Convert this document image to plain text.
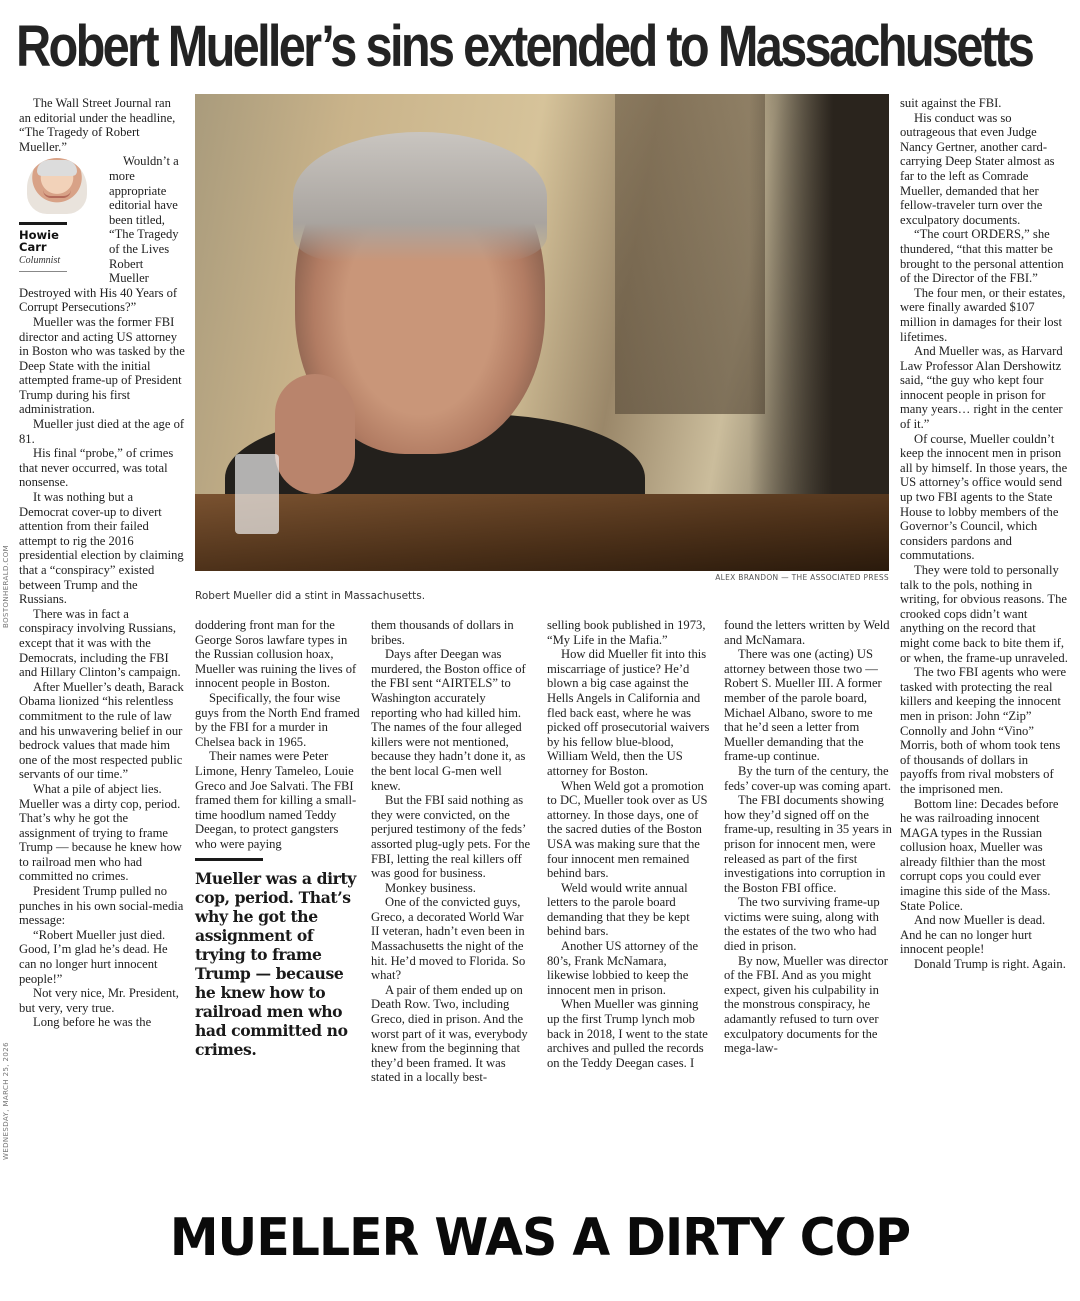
Robert Mueller’s sins extended to Massachusetts
BOSTONHERALD.COM
WEDNESDAY, MARCH 25, 2026

The Wall Street Journal ran an editorial under the headline, “The Tragedy of Robert Mueller.”

Howie
Carr
Columnist

Wouldn’t a more appropriate editorial have been titled, “The Tragedy of the Lives Robert Mueller Destroyed with His 40 Years of Corrupt Persecutions?”

Mueller was the former FBI director and acting US attorney in Boston who was tasked by the Deep State with the initial attempted frame-up of President Trump during his first administration.

Mueller just died at the age of 81.

His final “probe,” of crimes that never occurred, was total nonsense.

It was nothing but a Democrat cover-up to divert attention from their failed attempt to rig the 2016 presidential election by claiming that a “conspiracy” existed between Trump and the Russians.

There was in fact a conspiracy involving Russians, except that it was with the Democrats, including the FBI and Hillary Clinton’s campaign.

After Mueller’s death, Barack Obama lionized “his relentless commitment to the rule of law and his unwavering belief in our bedrock values that made him one of the most respected public servants of our time.”

What a pile of abject lies. Mueller was a dirty cop, period. That’s why he got the assignment of trying to frame Trump — because he knew how to railroad men who had committed no crimes.

President Trump pulled no punches in his own social-media message:

“Robert Mueller just died. Good, I’m glad he’s dead. He can no longer hurt innocent people!”

Not very nice, Mr. President, but very, very true.

Long before he was the

ALEX BRANDON — THE ASSOCIATED PRESS
Robert Mueller did a stint in Massachusetts.

doddering front man for the George Soros lawfare types in the Russian collusion hoax, Mueller was ruining the lives of innocent people in Boston.

Specifically, the four wise guys from the North End framed by the FBI for a murder in Chelsea back in 1965.

Their names were Peter Limone, Henry Tameleo, Louie Greco and Joe Salvati. The FBI framed them for killing a small-time hoodlum named Teddy Deegan, to protect gangsters who were paying

Mueller was a dirty cop, period. That’s why he got the assignment of trying to frame Trump — because he knew how to railroad men who had committed no crimes.

them thousands of dollars in bribes.

Days after Deegan was murdered, the Boston office of the FBI sent “AIRTELS” to Washington accurately reporting who had killed him. The names of the four alleged killers were not mentioned, because they hadn’t done it, as the bent local G-men well knew.

But the FBI said nothing as they were convicted, on the perjured testimony of the feds’ assorted plug-ugly pets. For the FBI, letting the real killers off was good for business.

Monkey business.

One of the convicted guys, Greco, a decorated World War II veteran, hadn’t even been in Massachusetts the night of the hit. He’d moved to Florida. So what?

A pair of them ended up on Death Row. Two, including Greco, died in prison. And the worst part of it was, everybody knew from the beginning that they’d been framed. It was stated in a locally best-

selling book published in 1973, “My Life in the Mafia.”

How did Mueller fit into this miscarriage of justice? He’d blown a big case against the Hells Angels in California and fled back east, where he was picked off prosecutorial waivers by his fellow blue-blood, William Weld, then the US attorney for Boston.

When Weld got a promotion to DC, Mueller took over as US attorney. In those days, one of the sacred duties of the Boston USA was making sure that the four innocent men remained behind bars.

Weld would write annual letters to the parole board demanding that they be kept behind bars.

Another US attorney of the 80’s, Frank McNamara, likewise lobbied to keep the innocent men in prison.

When Mueller was ginning up the first Trump lynch mob back in 2018, I went to the state archives and pulled the records on the Teddy Deegan cases. I

found the letters written by Weld and McNamara.

There was one (acting) US attorney between those two — Robert S. Mueller III. A former member of the parole board, Michael Albano, swore to me that he’d seen a letter from Mueller demanding that the frame-up continue.

By the turn of the century, the feds’ cover-up was coming apart.

The FBI documents showing how they’d signed off on the frame-up, resulting in 35 years in prison for innocent men, were released as part of the first investigations into corruption in the Boston FBI office.

The two surviving frame-up victims were suing, along with the estates of the two who had died in prison.

By now, Mueller was director of the FBI. And as you might expect, given his culpability in the monstrous conspiracy, he adamantly refused to turn over exculpatory documents for the mega-law-

suit against the FBI.

His conduct was so outrageous that even Judge Nancy Gertner, another card-carrying Deep Stater almost as far to the left as Comrade Mueller, demanded that her fellow-traveler turn over the exculpatory documents.

“The court ORDERS,” she thundered, “that this matter be brought to the personal attention of the Director of the FBI.”

The four men, or their estates, were finally awarded $107 million in damages for their lost lifetimes.

And Mueller was, as Harvard Law Professor Alan Dershowitz said, “the guy who kept four innocent people in prison for many years… right in the center of it.”

Of course, Mueller couldn’t keep the innocent men in prison all by himself. In those years, the US attorney’s office would send up two FBI agents to the State House to lobby members of the Governor’s Council, which considers pardons and commutations.

They were told to personally talk to the pols, nothing in writing, for obvious reasons. The crooked cops didn’t want anything on the record that might come back to bite them if, or when, the frame-up unraveled.

The two FBI agents who were tasked with protecting the real killers and keeping the innocent men in prison: John “Zip” Connolly and John “Vino” Morris, both of whom took tens of thousands of dollars in payoffs from rival mobsters of the imprisoned men.

Bottom line: Decades before he was railroading innocent MAGA types in the Russian collusion hoax, Mueller was already filthier than the most corrupt cops you could ever imagine this side of the Mass. State Police.

And now Mueller is dead. And he can no longer hurt innocent people!

Donald Trump is right. Again.

MUELLER WAS A DIRTY COP
